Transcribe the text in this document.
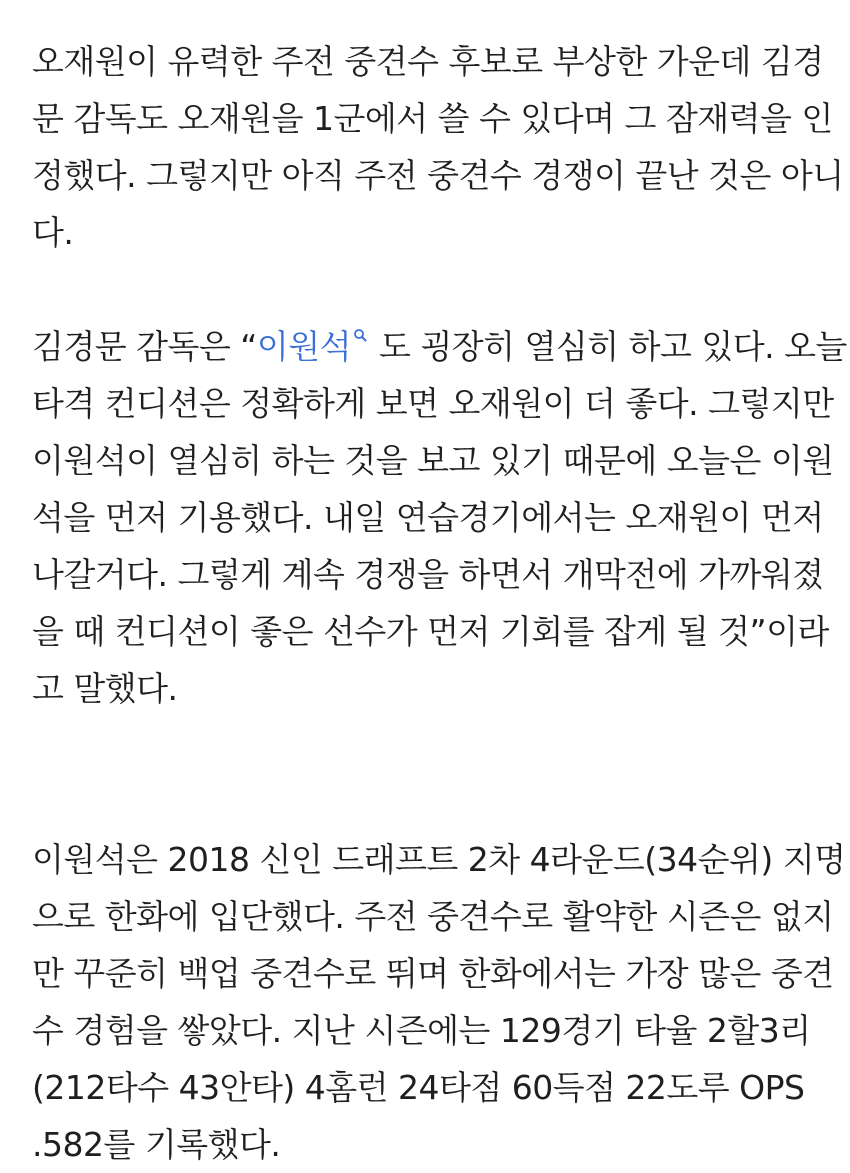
오재원이 유력한 주전 중견수 후보로 부상한 가운데 김경
문 감독도 오재원을 1군에서 쓸 수 있다며 그 잠재력을 인
정했다. 그렇지만 아직 주전 중견수 경쟁이 끝난 것은 아니
다.
김경문 감독은 “이원석 도 굉장히 열심히 하고 있다. 오늘
타격 컨디션은 정확하게 보면 오재원이 더 좋다. 그렇지만
이원석이 열심히 하는 것을 보고 있기 때문에 오늘은 이원
석을 먼저 기용했다. 내일 연습경기에서는 오재원이 먼저
나갈거다. 그렇게 계속 경쟁을 하면서 개막전에 가까워졌
을 때 컨디션이 좋은 선수가 먼저 기회를 잡게 될 것”이라
고 말했다.
이원석은 2018 신인 드래프트 2차 4라운드(34순위) 지명
으로 한화에 입단했다. 주전 중견수로 활약한 시즌은 없지
만 꾸준히 백업 중견수로 뛰며 한화에서는 가장 많은 중견
수 경험을 쌓았다. 지난 시즌에는 129경기 타율 2할3리
(212타수 43안타) 4홈런 24타점 60득점 22도루 OPS
.582를 기록했다.
